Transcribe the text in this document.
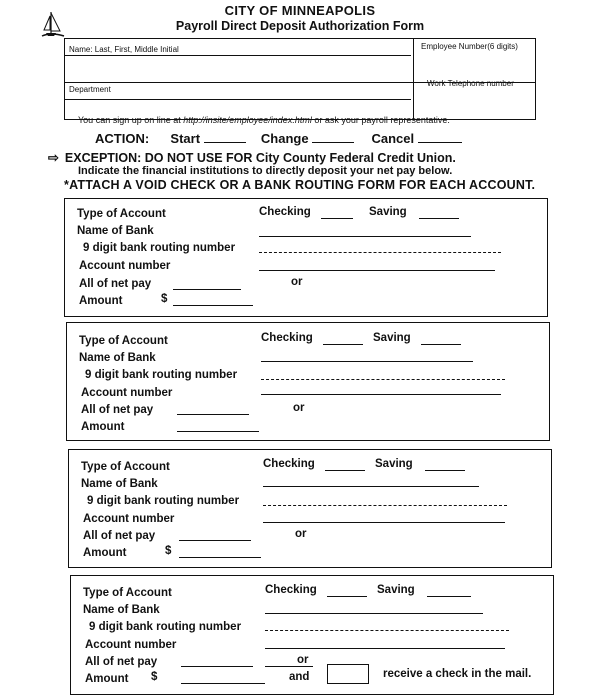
CITY OF MINNEAPOLIS
Payroll Direct Deposit Authorization Form
Name: Last, First, Middle Initial	Employee Number(6 digits)
Department
Work Telephone number
You can sign up on line at http://insite/employee/index.html or ask your payroll representative.
ACTION: Start	Change	Cancel
⇨ EXCEPTION: DO NOT USE FOR City County Federal Credit Union.
Indicate the financial institutions to directly deposit your net pay below.
*ATTACH A VOID CHECK OR A BANK ROUTING FORM FOR EACH ACCOUNT.
Type of Account	Checking	Saving
Name of Bank
9 digit bank routing number
Account number
All of net pay	or
Amount	$
Type of Account	Checking	Saving
Name of Bank
9 digit bank routing number
Account number
All of net pay	or
Amount
Type of Account	Checking	Saving
Name of Bank
9 digit bank routing number
Account number
All of net pay	or
Amount	$
Type of Account	Checking	Saving
Name of Bank
9 digit bank routing number
Account number
All of net pay	or
Amount $	and	receive a check in the mail.
